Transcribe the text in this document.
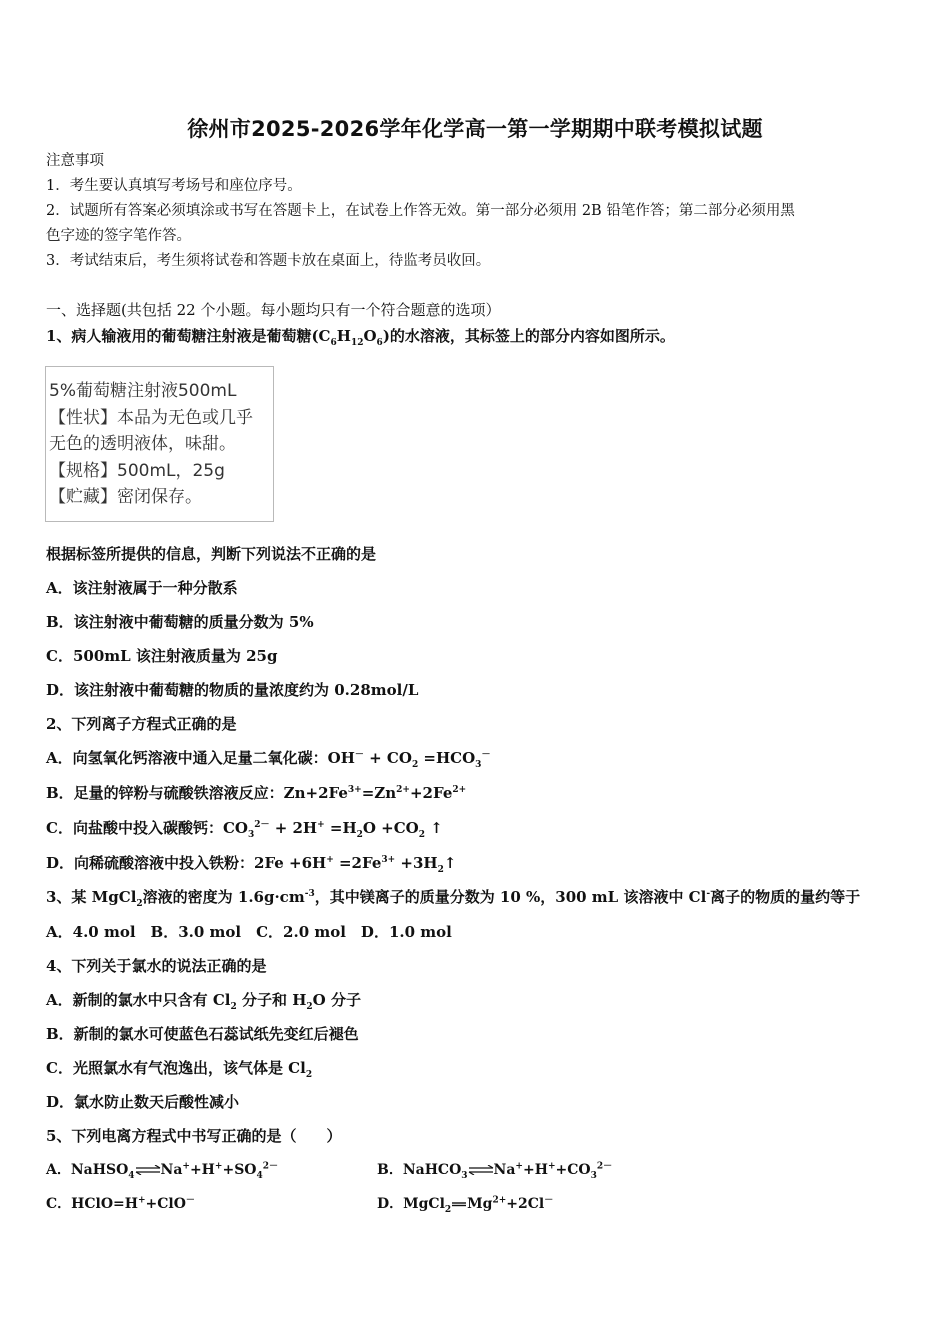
徐州市2025-2026学年化学高一第一学期期中联考模拟试题
注意事项
1．考生要认真填写考场号和座位序号。
2．试题所有答案必须填涂或书写在答题卡上，在试卷上作答无效。第一部分必须用 2B 铅笔作答；第二部分必须用黑
色字迹的签字笔作答。
3．考试结束后，考生须将试卷和答题卡放在桌面上，待监考员收回。
一、选择题(共包括 22 个小题。每小题均只有一个符合题意的选项）
1、病人输液用的葡萄糖注射液是葡萄糖$(C_6H_{12}O_6)$的水溶液，其标签上的部分内容如图所示。
5%葡萄糖注射液500mL
【性状】本品为无色或几乎
无色的透明液体，味甜。
【规格】500mL，25g
【贮藏】密闭保存。
根据标签所提供的信息，判断下列说法不正确的是
A．该注射液属于一种分散系
B．该注射液中葡萄糖的质量分数为 5%
C．500mL 该注射液质量为 25g
D．该注射液中葡萄糖的物质的量浓度约为 0.28mol/L
2、下列离子方程式正确的是
A．向氢氧化钙溶液中通入足量二氧化碳：$OH^- + CO_2 =HCO_3^-$
B．足量的锌粉与硫酸铁溶液反应：$Zn+2Fe^{3+}=Zn^{2+}+2Fe^{2+}$
C．向盐酸中投入碳酸钙：$CO_3^{2-} + 2H^+ =H_2O +CO_2$ ↑
D．向稀硫酸溶液中投入铁粉：$2Fe +6H^+ =2Fe^{3+}$ $+3H_2↑$
3、某 MgCl$_2$溶液的密度为 $1.6g\cdot cm^{-3}$，其中镁离子的质量分数为 10 %，300 mL 该溶液中 Cl-离子的物质的量约等于
A．4.0 mol　B．3.0 mol　C．2.0 mol　D．1.0 mol
4、下列关于氯水的说法正确的是
A．新制的氯水中只含有 $Cl_2$ 分子和 $H_2O$ 分子
B．新制的氯水可使蓝色石蕊试纸先变红后褪色
C．光照氯水有气泡逸出，该气体是 $Cl_2$
D．氯水防止数天后酸性减小
5、下列电离方程式中书写正确的是（　　）
A．NaHSO$_4$ $\rightleftharpoons Na^++H^++SO_4^{2-}$	B．NaHCO$_3$ $\rightleftharpoons Na^++H^++CO_3^{2-}$
C．HClO=H++ClO－	D．MgCl$_2$ $Mg^{2+}+2Cl^-$
